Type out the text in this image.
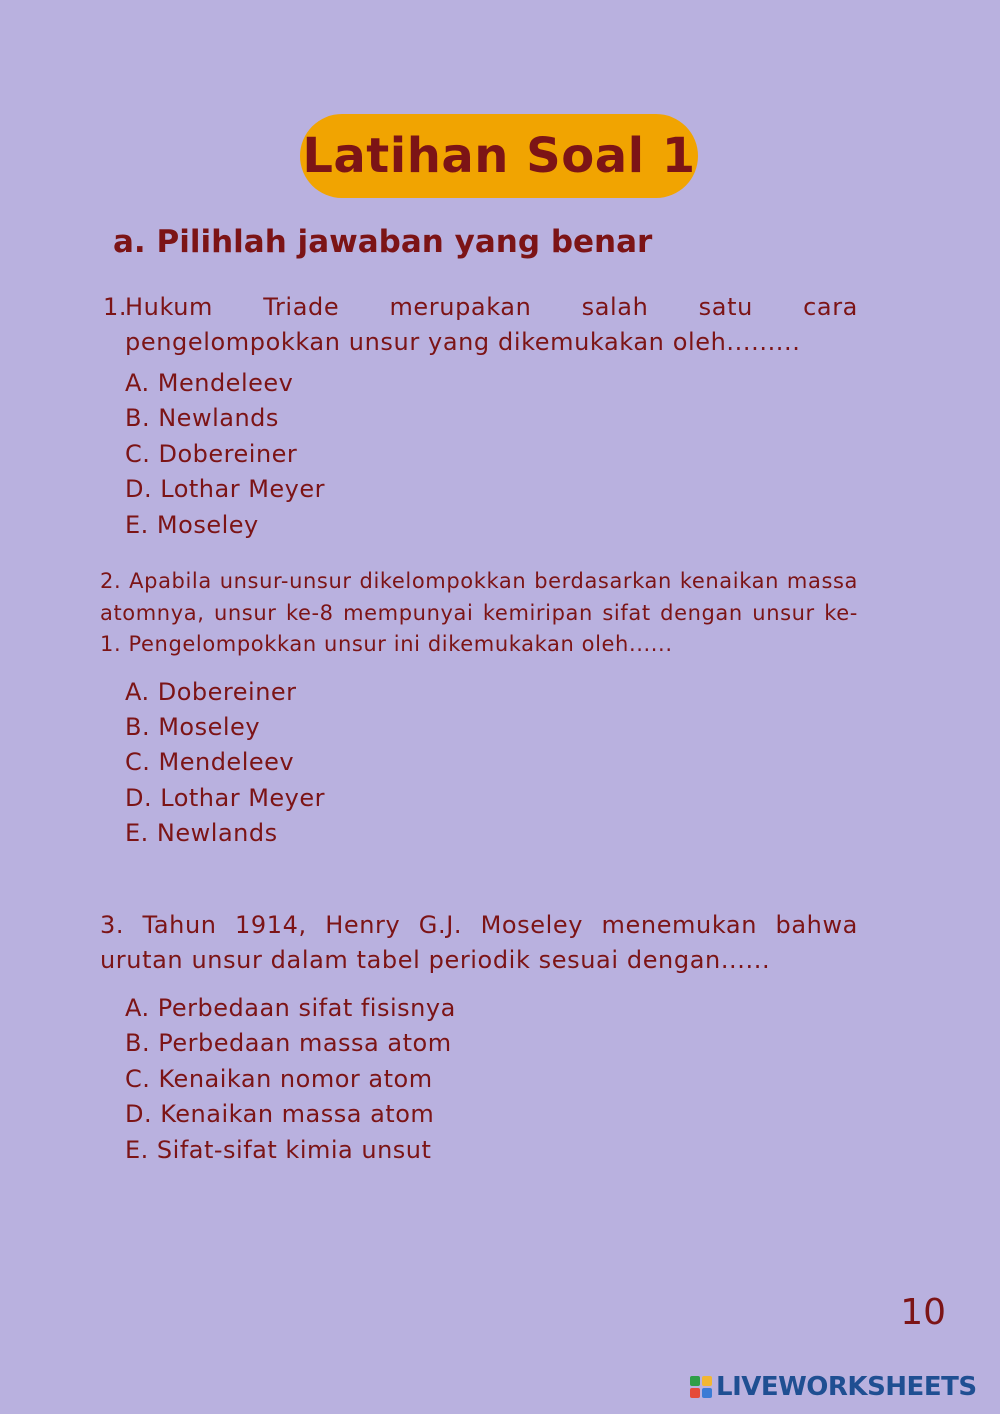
Latihan Soal 1
a. Pilihlah jawaban yang benar
1.
Hukum Triade merupakan salah satu cara pengelompokkan unsur yang dikemukakan oleh.........
A. Mendeleev
B. Newlands
C. Dobereiner
D. Lothar Meyer
E. Moseley
2. Apabila unsur-unsur dikelompokkan berdasarkan kenaikan massa atomnya, unsur ke-8 mempunyai kemiripan sifat dengan unsur ke-1. Pengelompokkan unsur ini dikemukakan oleh......
A. Dobereiner
B. Moseley
C. Mendeleev
D. Lothar Meyer
E. Newlands
3. Tahun 1914, Henry G.J. Moseley menemukan bahwa urutan unsur dalam tabel periodik sesuai dengan......
A. Perbedaan sifat fisisnya
B. Perbedaan massa atom
C. Kenaikan nomor atom
D. Kenaikan massa atom
E. Sifat-sifat kimia unsut
10
LIVEWORKSHEETS
